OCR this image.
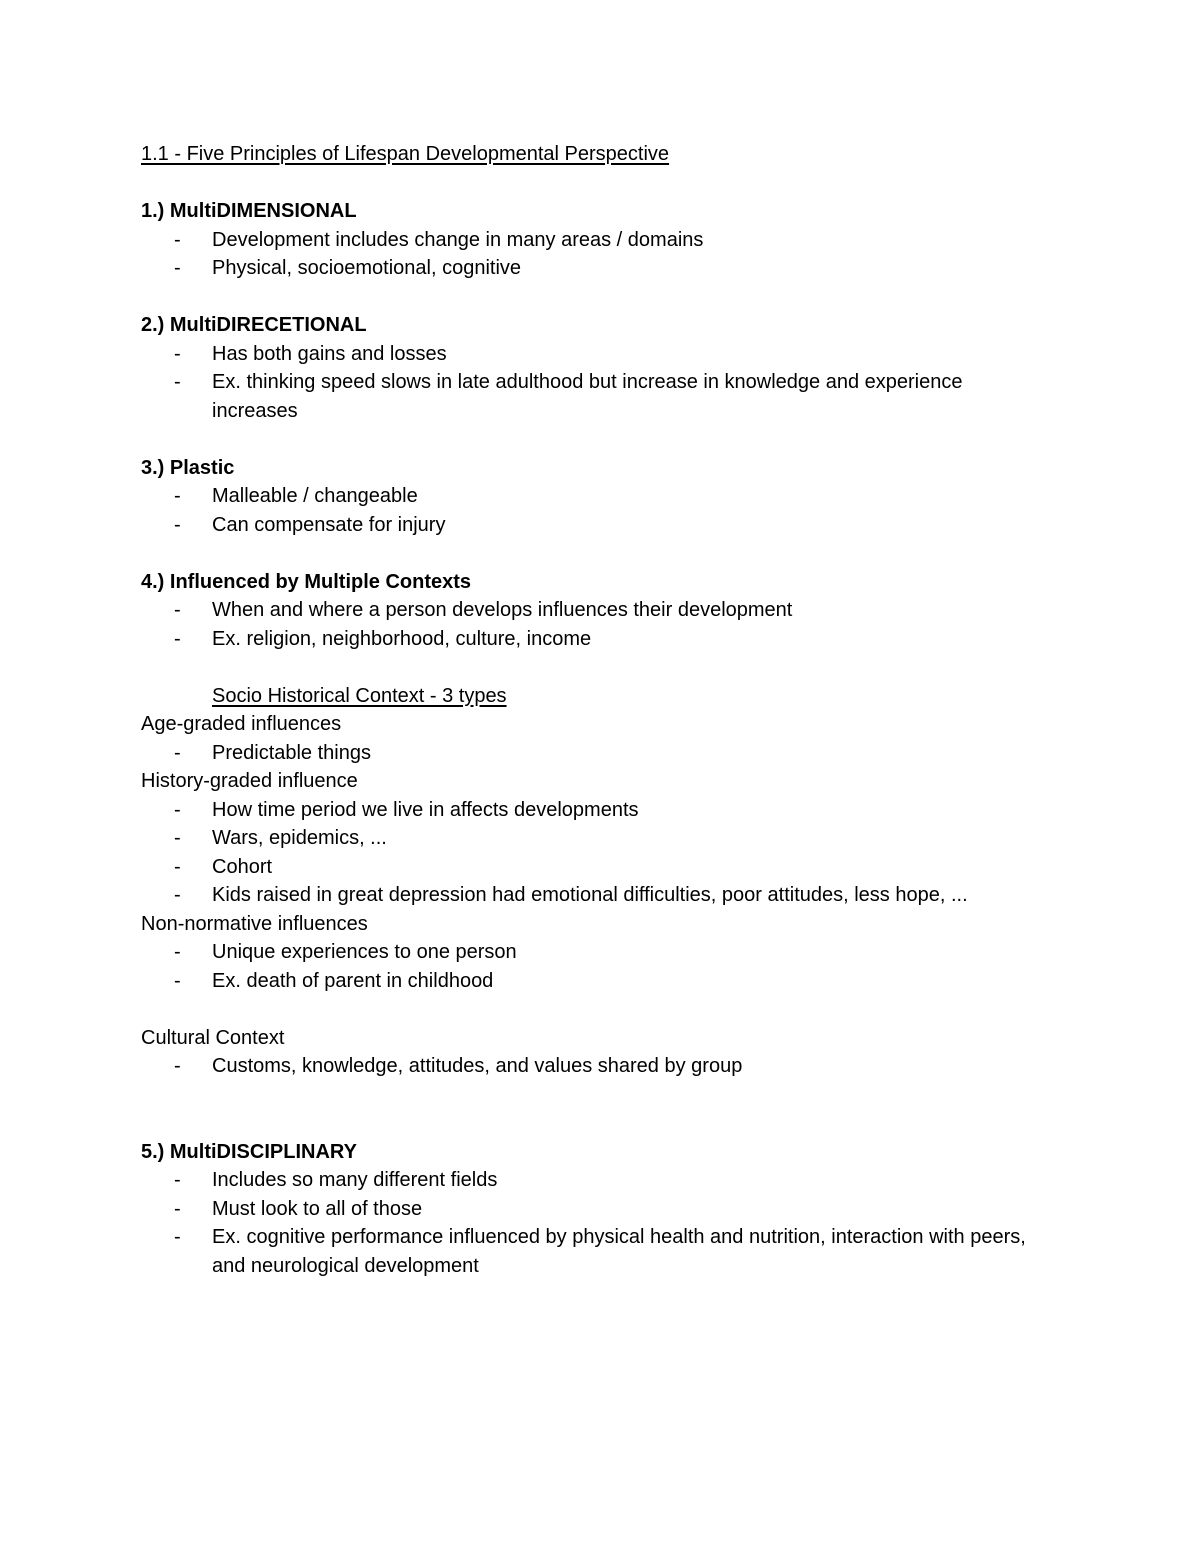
1.1 - Five Principles of Lifespan Developmental Perspective

1.) MultiDIMENSIONAL

- Development includes change in many areas / domains
- Physical, socioemotional, cognitive

2.) MultiDIRECETIONAL

- Has both gains and losses
- Ex. thinking speed slows in late adulthood but increase in knowledge and experience increases

3.) Plastic

- Malleable / changeable
- Can compensate for injury

4.) Influenced by Multiple Contexts

- When and where a person develops influences their development
- Ex. religion, neighborhood, culture, income

Socio Historical Context - 3 types

Age-graded influences

- Predictable things

History-graded influence

- How time period we live in affects developments
- Wars, epidemics, ...
- Cohort
- Kids raised in great depression had emotional difficulties, poor attitudes, less hope, ...

Non-normative influences

- Unique experiences to one person
- Ex. death of parent in childhood

Cultural Context

- Customs, knowledge, attitudes, and values shared by group

5.) MultiDISCIPLINARY

- Includes so many different fields
- Must look to all of those
- Ex. cognitive performance influenced by physical health and nutrition, interaction with peers, and neurological development
